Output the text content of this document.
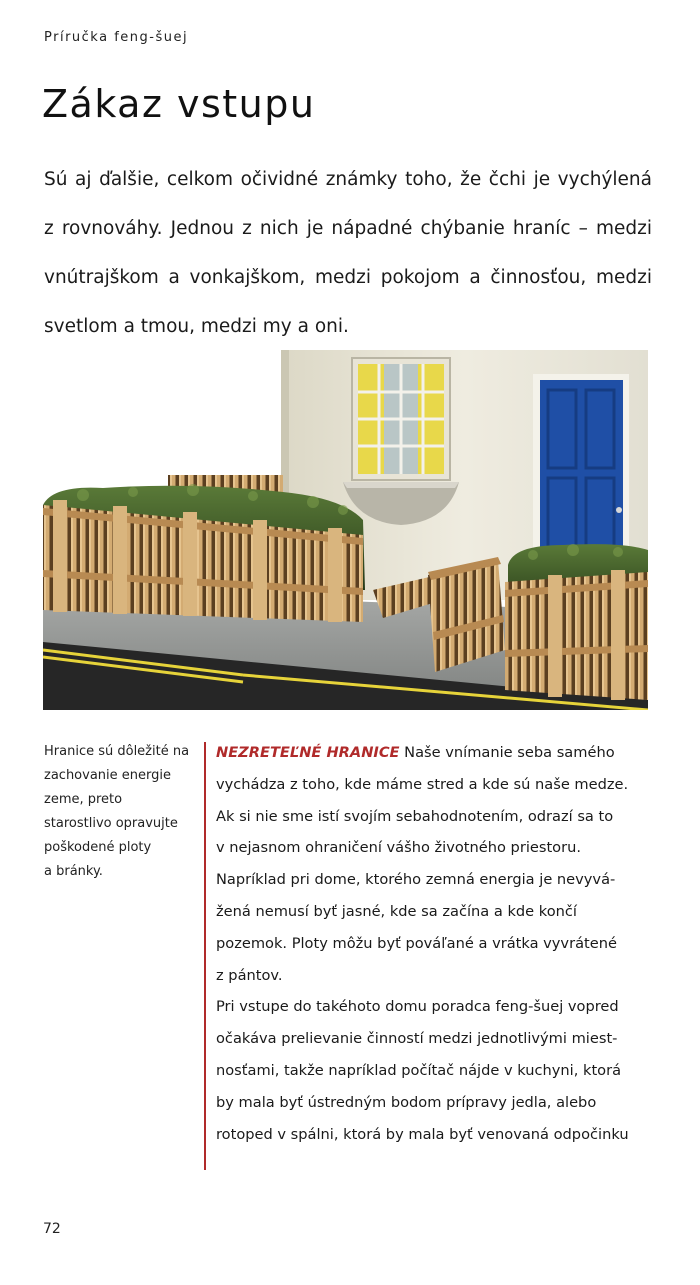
Príručka feng-šuej
Zákaz vstupu

Sú aj ďalšie, celkom očividné známky toho, že čchi je vychýlená
z rovnováhy. Jednou z nich je nápadné chýbanie hraníc – medzi
vnútrajškom a vonkajškom, medzi pokojom a činnosťou, medzi
svetlom a tmou, medzi my a oni.

Hranice sú dôležité na
zachovanie energie
zeme, preto
starostlivo opravujte
poškodené ploty
a bránky.
NEZRETEĽNÉ HRANICE Naše vnímanie seba samého
vychádza z toho, kde máme stred a kde sú naše medze.
Ak si nie sme istí svojím sebahodnotením, odrazí sa to
v nejasnom ohraničení vášho životného priestoru.
Napríklad pri dome, ktorého zemná energia je nevyvá-
žená nemusí byť jasné, kde sa začína a kde končí
pozemok. Ploty môžu byť pováľané a vrátka vyvrátené
z pántov.
Pri vstupe do takéhoto domu poradca feng-šuej vopred
očakáva prelievanie činností medzi jednotlivými miest-
nosťami, takže napríklad počítač nájde v kuchyni, ktorá
by mala byť ústredným bodom prípravy jedla, alebo
rotoped v spálni, ktorá by mala byť venovaná odpočinku
72
